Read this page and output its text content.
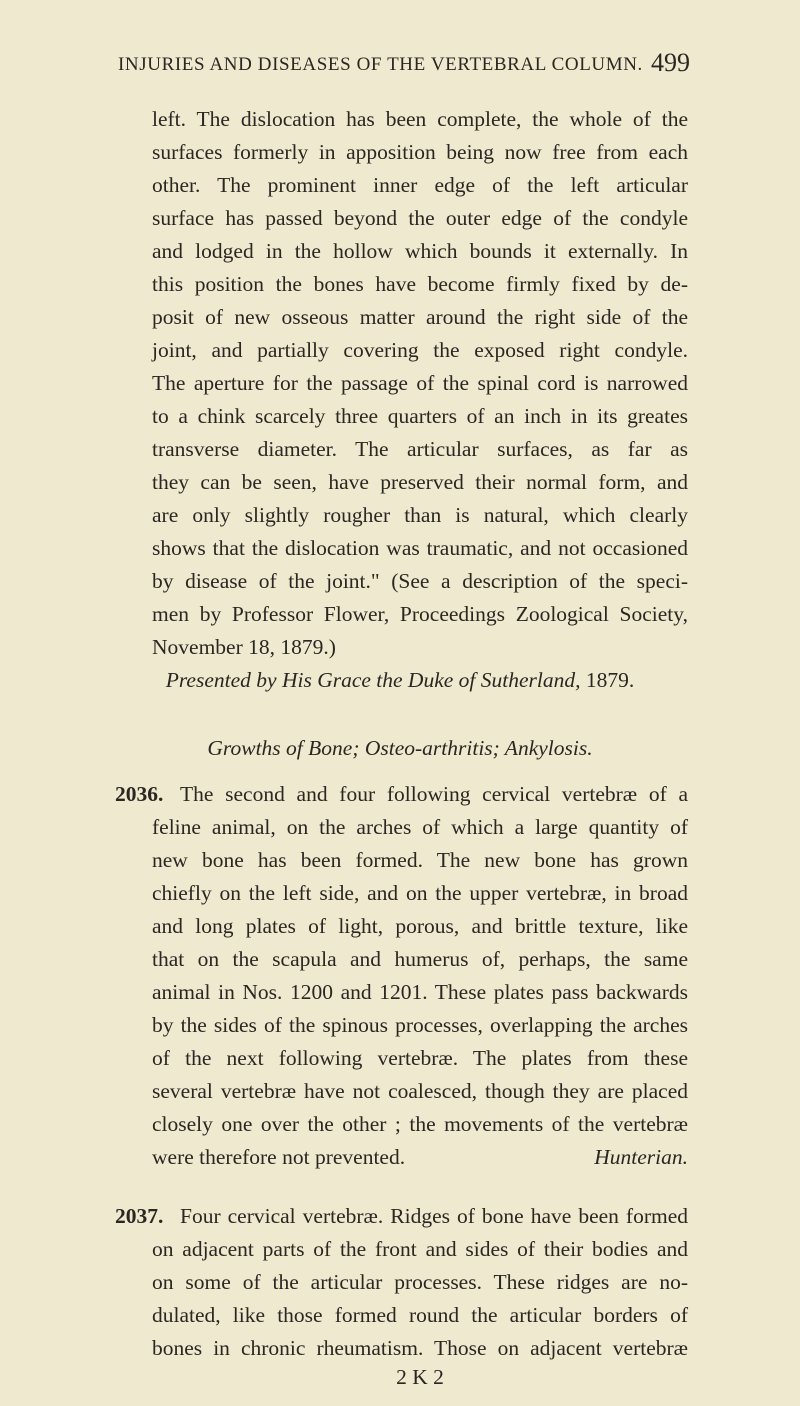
INJURIES AND DISEASES OF THE VERTEBRAL COLUMN. 499
left. The dislocation has been complete, the whole of the
surfaces formerly in apposition being now free from each
other. The prominent inner edge of the left articular
surface has passed beyond the outer edge of the condyle
and lodged in the hollow which bounds it externally. In
this position the bones have become firmly fixed by de-
posit of new osseous matter around the right side of the
joint, and partially covering the exposed right condyle.
The aperture for the passage of the spinal cord is narrowed
to a chink scarcely three quarters of an inch in its greates
transverse diameter. The articular surfaces, as far as
they can be seen, have preserved their normal form, and
are only slightly rougher than is natural, which clearly
shows that the dislocation was traumatic, and not occasioned
by disease of the joint." (See a description of the speci-
men by Professor Flower, Proceedings Zoological Society,
November 18, 1879.)
Presented by His Grace the Duke of Sutherland, 1879.
Growths of Bone; Osteo-arthritis; Ankylosis.
2036. The second and four following cervical vertebræ of a
feline animal, on the arches of which a large quantity of
new bone has been formed. The new bone has grown
chiefly on the left side, and on the upper vertebræ, in broad
and long plates of light, porous, and brittle texture, like
that on the scapula and humerus of, perhaps, the same
animal in Nos. 1200 and 1201. These plates pass backwards
by the sides of the spinous processes, overlapping the arches
of the next following vertebræ. The plates from these
several vertebræ have not coalesced, though they are placed
closely one over the other ; the movements of the vertebræ
were therefore not prevented.	Hunterian.
2037. Four cervical vertebræ. Ridges of bone have been formed
on adjacent parts of the front and sides of their bodies and
on some of the articular processes. These ridges are no-
dulated, like those formed round the articular borders of
bones in chronic rheumatism. Those on adjacent vertebræ
2 K 2
